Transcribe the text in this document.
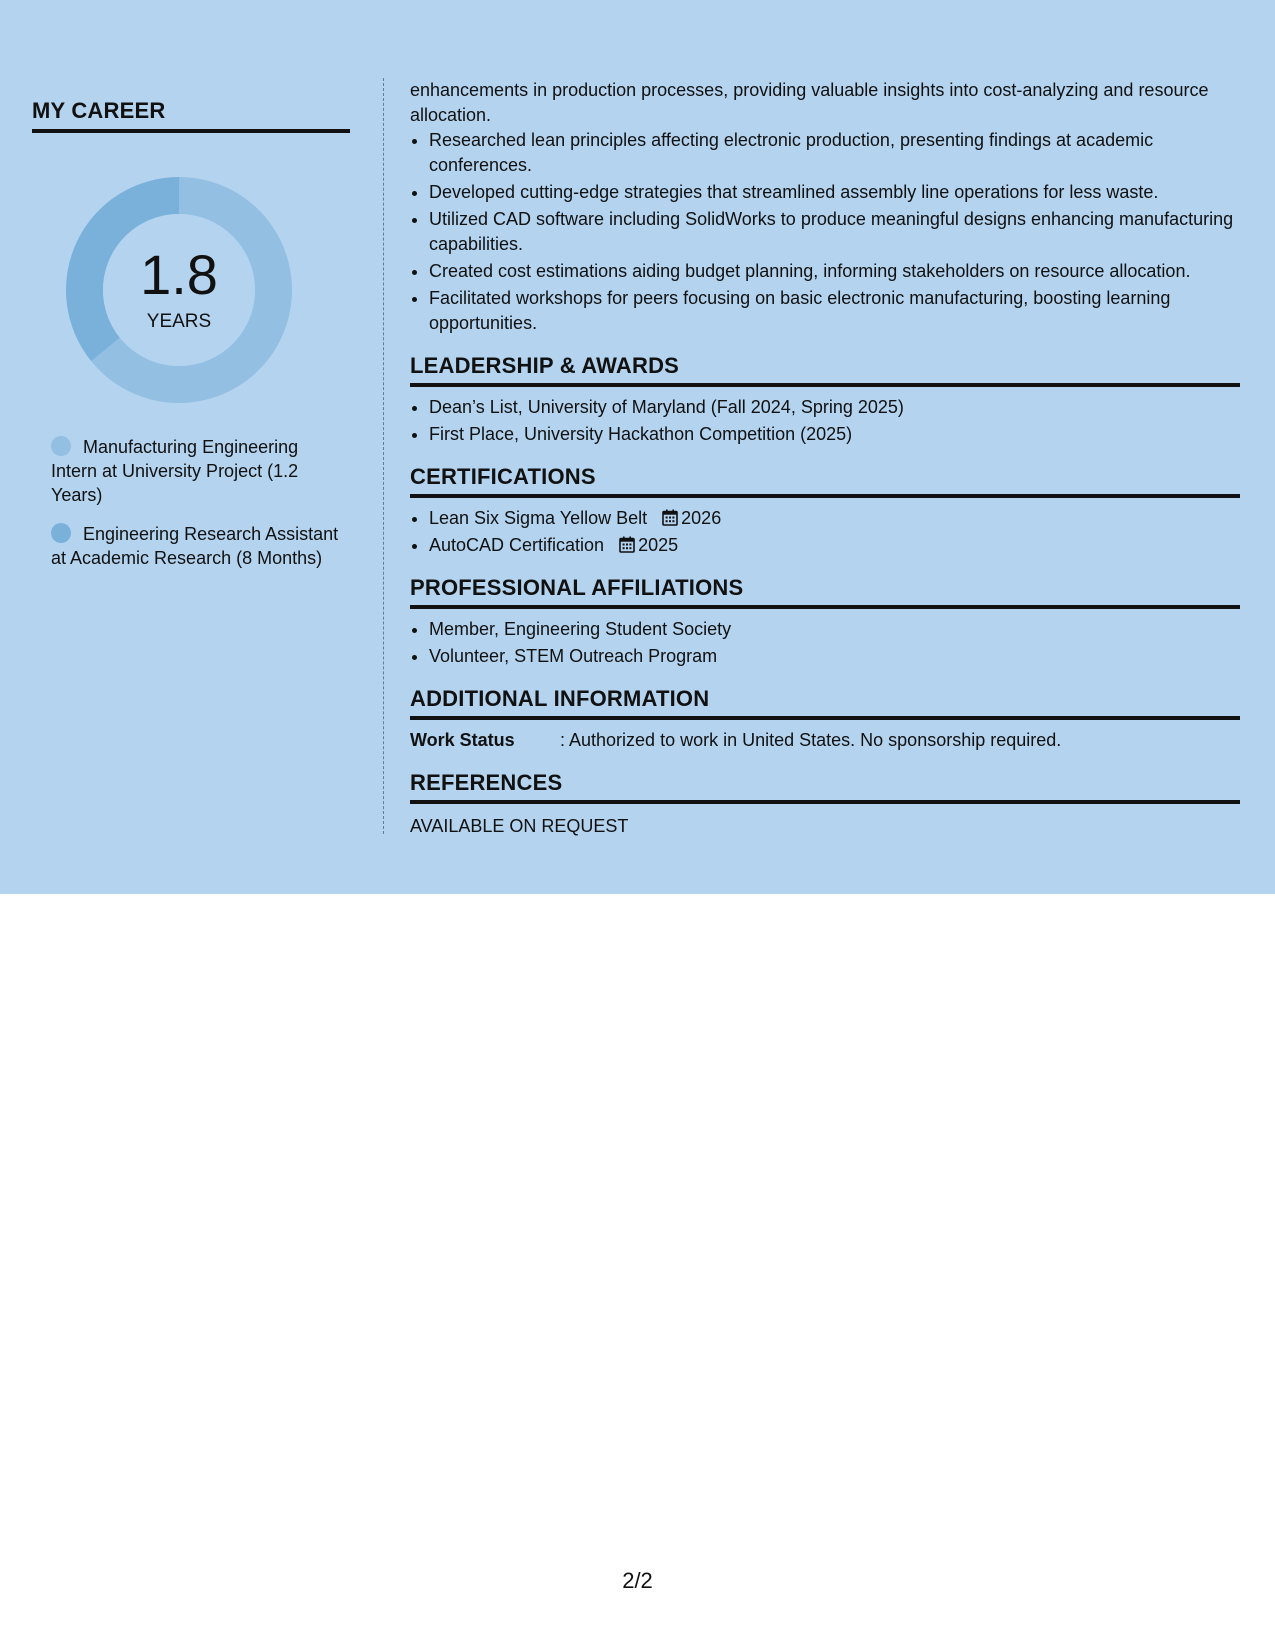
MY CAREER
1.8
YEARS
Manufacturing Engineering Intern at University Project (1.2 Years)
Engineering Research Assistant at Academic Research (8 Months)

enhancements in production processes, providing valuable insights into cost-analyzing and resource allocation.

• Researched lean principles affecting electronic production, presenting findings at academic conferences.
• Developed cutting-edge strategies that streamlined assembly line operations for less waste.
• Utilized CAD software including SolidWorks to produce meaningful designs enhancing manufacturing capabilities.
• Created cost estimations aiding budget planning, informing stakeholders on resource allocation.
• Facilitated workshops for peers focusing on basic electronic manufacturing, boosting learning opportunities.
LEADERSHIP & AWARDS
• Dean’s List, University of Maryland (Fall 2024, Spring 2025)
• First Place, University Hackathon Competition (2025)
CERTIFICATIONS
• Lean Six Sigma Yellow Belt 2026
• AutoCAD Certification 2025
PROFESSIONAL AFFILIATIONS
• Member, Engineering Student Society
• Volunteer, STEM Outreach Program
ADDITIONAL INFORMATION

Work Status	: Authorized to work in United States. No sponsorship required.

REFERENCES

AVAILABLE ON REQUEST

2/2
